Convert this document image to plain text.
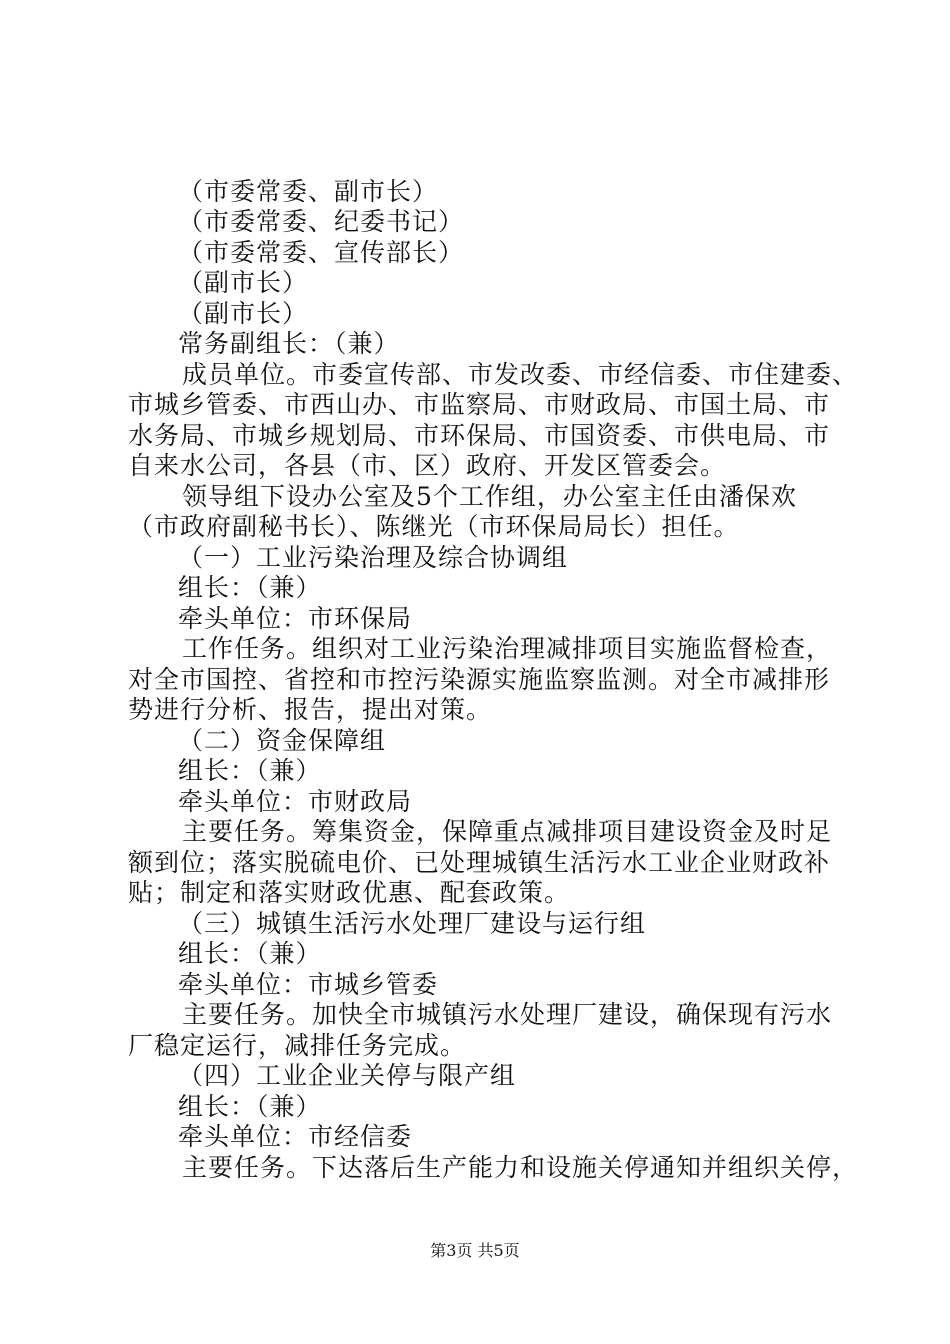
（市委常委、副市长）
（市委常委、纪委书记）
（市委常委、宣传部长）
（副市长）
（副市长）
常务副组长：（兼）
成员单位。市委宣传部、市发改委、市经信委、市住建委、
市城乡管委、市西山办、市监察局、市财政局、市国土局、市
水务局、市城乡规划局、市环保局、市国资委、市供电局、市
自来水公司，各县（市、区）政府、开发区管委会。
领导组下设办公室及5个工作组，办公室主任由潘保欢
（市政府副秘书长）、陈继光（市环保局局长）担任。
（一）工业污染治理及综合协调组
组长：（兼）
牵头单位：市环保局
工作任务。组织对工业污染治理减排项目实施监督检查，
对全市国控、省控和市控污染源实施监察监测。对全市减排形
势进行分析、报告，提出对策。
（二）资金保障组
组长：（兼）
牵头单位：市财政局
主要任务。筹集资金，保障重点减排项目建设资金及时足
额到位；落实脱硫电价、已处理城镇生活污水工业企业财政补
贴；制定和落实财政优惠、配套政策。
（三）城镇生活污水处理厂建设与运行组
组长：（兼）
牵头单位：市城乡管委
主要任务。加快全市城镇污水处理厂建设，确保现有污水
厂稳定运行，减排任务完成。
（四）工业企业关停与限产组
组长：（兼）
牵头单位：市经信委
主要任务。下达落后生产能力和设施关停通知并组织关停，
第3页 共5页
